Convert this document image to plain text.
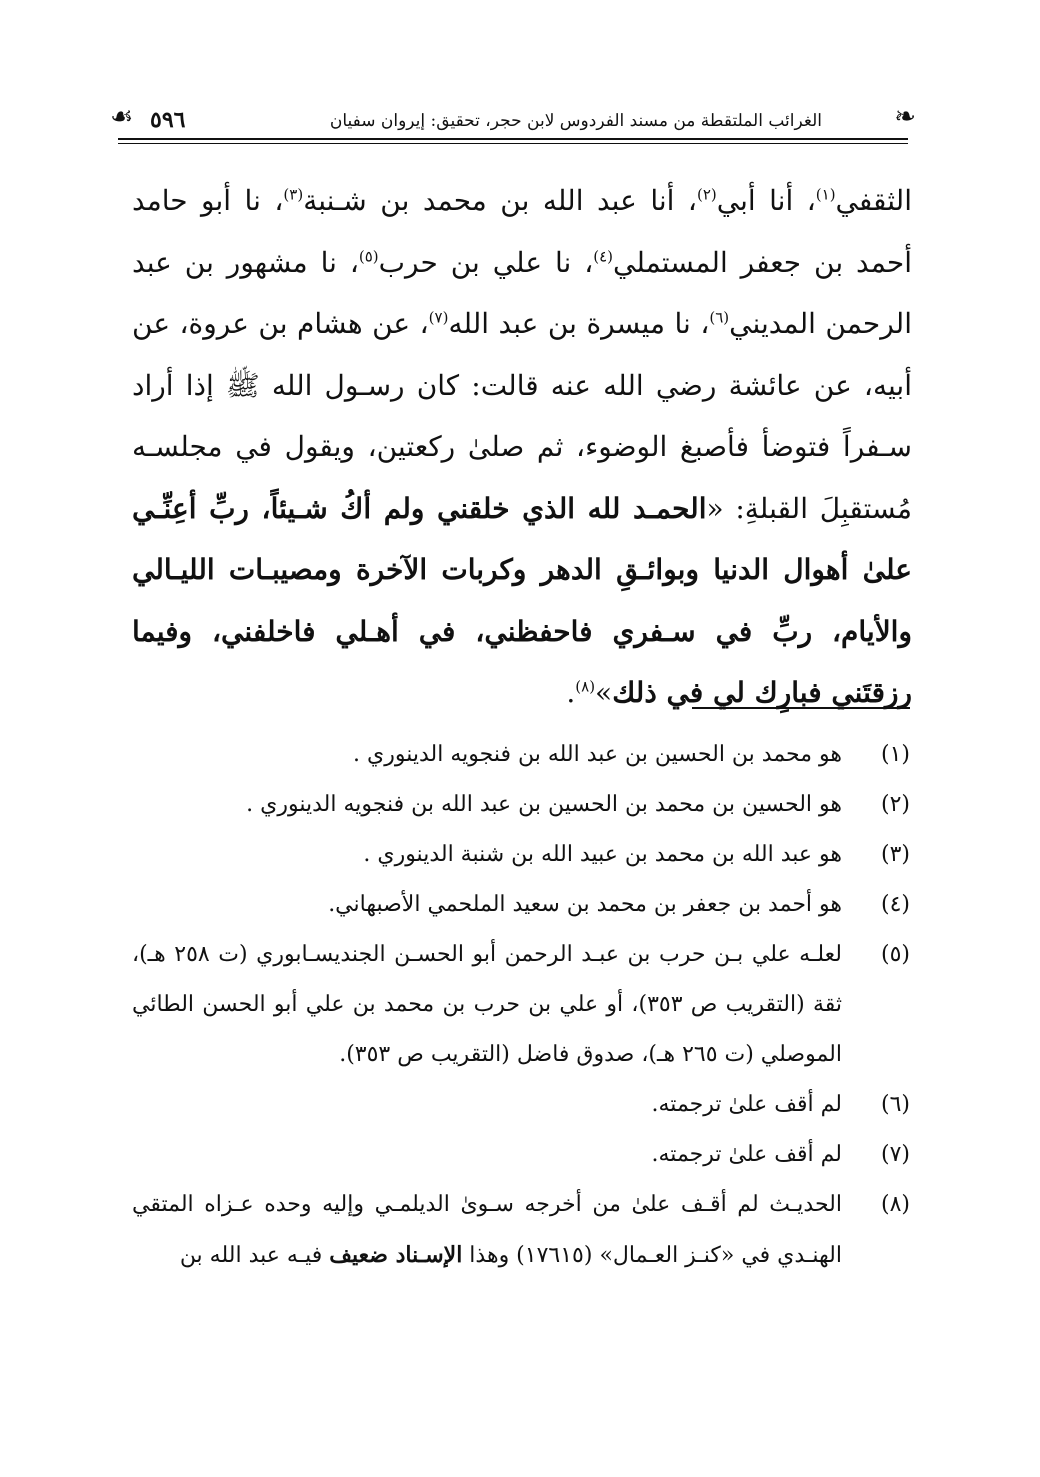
❧
الغرائب الملتقطة من مسند الفردوس لابن حجر، تحقيق: إيروان سفيان
٥٩٦
☙

الثقفي$^{(١)}$، أنا أبي$^{(٢)}$، أنا عبد الله بن محمد بن شـنبة$^{(٣)}$، نا أبو حامد أحمد بن جعفر المستملي$^{(٤)}$، نا علي بن حرب$^{(٥)}$، نا مشهور بن عبد الرحمن المديني$^{(٦)}$، نا ميسرة بن عبد الله$^{(٧)}$، عن هشام بن عروة، عن أبيه، عن عائشة رضي الله عنه قالت: كان رسـول الله ﷺ إذا أراد سـفراً فتوضأ فأصبغ الوضوء، ثم صلىٰ ركعتين، ويقول في مجلسـه مُستقبِلَ القبلةِ: «الحمـد لله الذي خلقني ولم أكُ شـيئاً، ربِّ أعِنِّـي علىٰ أهوال الدنيا وبوائـقِ الدهر وكربات الآخرة ومصيبـات الليـالي والأيام، ربِّ في سـفري فاحفظني، في أهـلي فاخلفني، وفيما رزقتَني فبارِك لي في ذلك»$^{(٨)}$.

(١)
هو محمد بن الحسين بن عبد الله بن فنجويه الدينوري .
(٢)
هو الحسين بن محمد بن الحسين بن عبد الله بن فنجويه الدينوري .
(٣)
هو عبد الله بن محمد بن عبيد الله بن شنبة الدينوري .
(٤)
هو أحمد بن جعفر بن محمد بن سعيد الملحمي الأصبهاني.
(٥)
لعلـه علي بـن حرب بن عبـد الرحمن أبو الحسـن الجنديسـابوري (ت ٢٥٨ هـ)، ثقة (التقريب ص ٣٥٣)، أو علي بن حرب بن محمد بن علي أبو الحسن الطائي الموصلي (ت ٢٦٥ هـ)، صدوق فاضل (التقريب ص ٣٥٣).
(٦)
لم أقف علىٰ ترجمته.
(٧)
لم أقف علىٰ ترجمته.
(٨)
الحديـث لم أقـف علىٰ من أخرجه سـوىٰ الديلمـي وإليه وحده عـزاه المتقي الهنـدي في «كنـز العـمال» (١٧٦١٥) وهذا الإسـناد ضعيف فيـه عبد الله بن
